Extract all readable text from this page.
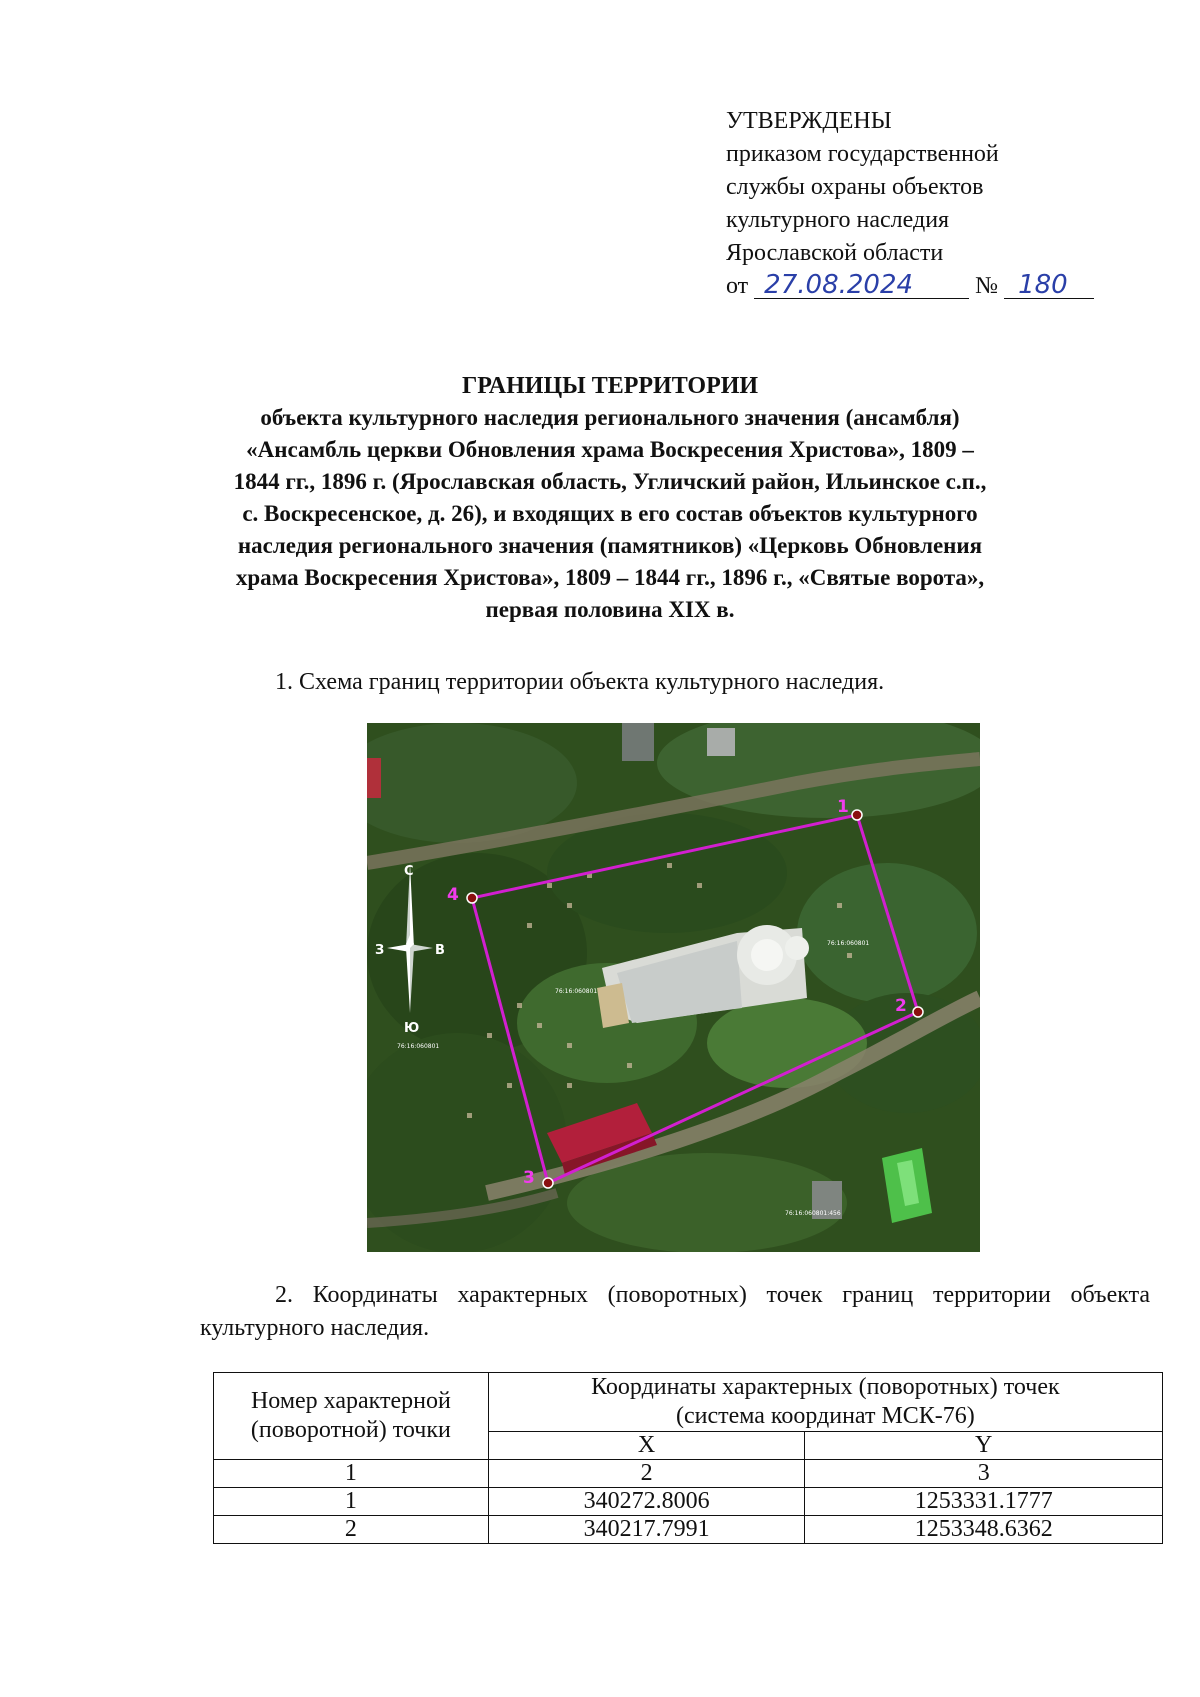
УТВЕРЖДЕНЫ
приказом государственной
службы охраны объектов
культурного наследия
Ярославской области
от 27.08.2024	№ 180
ГРАНИЦЫ ТЕРРИТОРИИ
объекта культурного наследия регионального значения (ансамбля)
«Ансамбль церкви Обновления храма Воскресения Христова», 1809 –
1844 гг., 1896 г. (Ярославская область, Угличский район, Ильинское с.п.,
с. Воскресенское, д. 26), и входящих в его состав объектов культурного
наследия регионального значения (памятников) «Церковь Обновления
храма Воскресения Христова», 1809 – 1844 гг., 1896 г., «Святые ворота»,
первая половина XIX в.
1. Схема границ территории объекта культурного наследия.
76:16:060801
76:16:060801
76:16:060801
76:16:060801:456
1
2
3
4
С
Ю
В
З
2. Координаты характерных (поворотных) точек границ территории объекта культурного наследия.
Номер характерной (поворотной) точки	Координаты характерных (поворотных) точек
(система координат МСК-76)	

	X	Y
1	2	3
1	340272.8006	1253331.1777
2	340217.7991	1253348.6362
